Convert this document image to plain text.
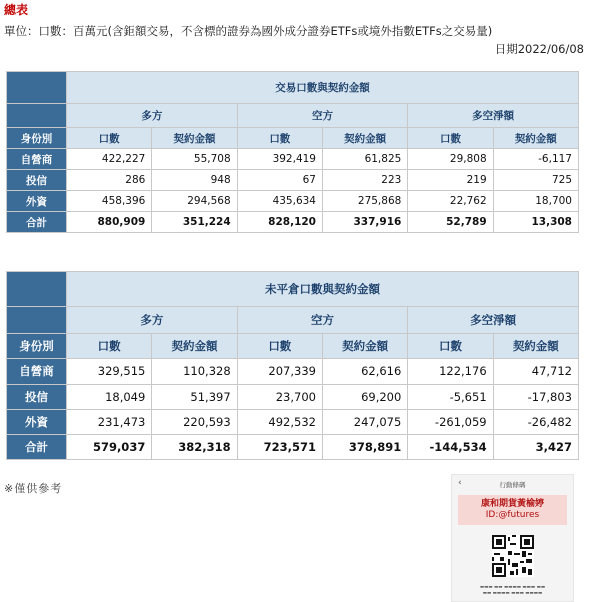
總表
單位：口數：百萬元(含鉅額交易，不含標的證券為國外成分證券ETFs或境外指數ETFs之交易量)
日期2022/06/08
	交易口數與契約金額					
	多方		空方		多空淨額	
身份別	口數	契約金額	口數	契約金額	口數	契約金額
自營商	422,227	55,708	392,419	61,825	29,808	-6,117
投信	286	948	67	223	219	725
外資	458,396	294,568	435,634	275,868	22,762	18,700
合計	880,909	351,224	828,120	337,916	52,789	13,308
	未平倉口數與契約金額					
	多方		空方		多空淨額	
身份別	口數	契約金額	口數	契約金額	口數	契約金額
自營商	329,515	110,328	207,339	62,616	122,176	47,712
投信	18,049	51,397	23,700	69,200	-5,651	-17,803
外資	231,473	220,593	492,532	247,075	-261,059	-26,482
合計	579,037	382,318	723,571	378,891	-144,534	3,427
※僅供參考	‹	行動條碼
康和期貨黃榆婷
ID:@futures
▬▬▬ ▬▬ ▬▬▬▬ ▬▬▬ ▬▬
▬▬ ▬▬▬▬ ▬▬▬ ▬▬▬▬
